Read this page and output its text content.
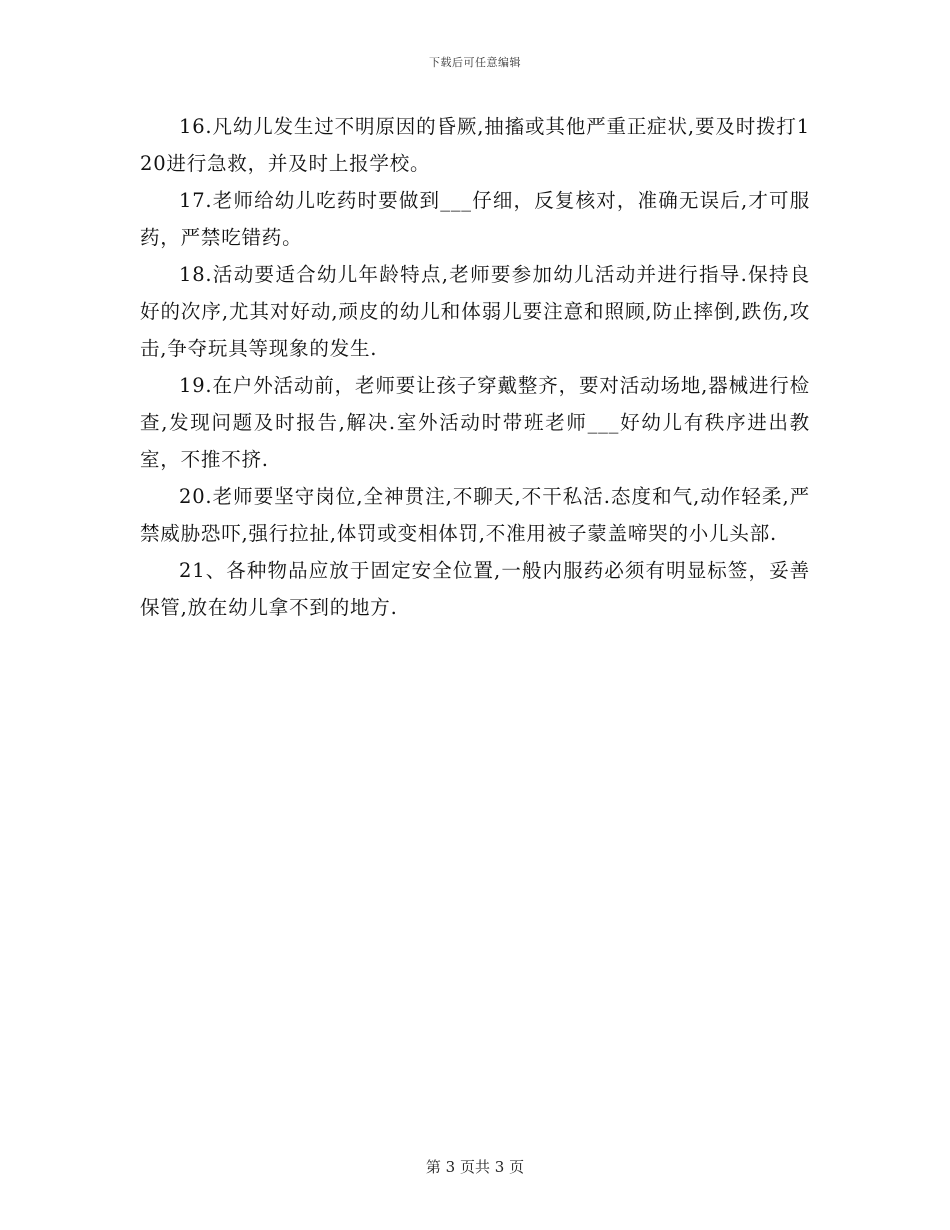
下载后可任意编辑

16.凡幼儿发生过不明原因的昏厥,抽搐或其他严重正症状,要及时拨打120进行急救，并及时上报学校。

17.老师给幼儿吃药时要做到___仔细，反复核对，准确无误后,才可服药，严禁吃错药。

18.活动要适合幼儿年龄特点,老师要参加幼儿活动并进行指导.保持良好的次序,尤其对好动,顽皮的幼儿和体弱儿要注意和照顾,防止摔倒,跌伤,攻击,争夺玩具等现象的发生.

19.在户外活动前，老师要让孩子穿戴整齐，要对活动场地,器械进行检查,发现问题及时报告,解决.室外活动时带班老师___好幼儿有秩序进出教室，不推不挤.

20.老师要坚守岗位,全神贯注,不聊天,不干私活.态度和气,动作轻柔,严禁威胁恐吓,强行拉扯,体罚或变相体罚,不准用被子蒙盖啼哭的小儿头部.

21、各种物品应放于固定安全位置,一般内服药必须有明显标签，妥善保管,放在幼儿拿不到的地方.

第 3 页共 3 页
